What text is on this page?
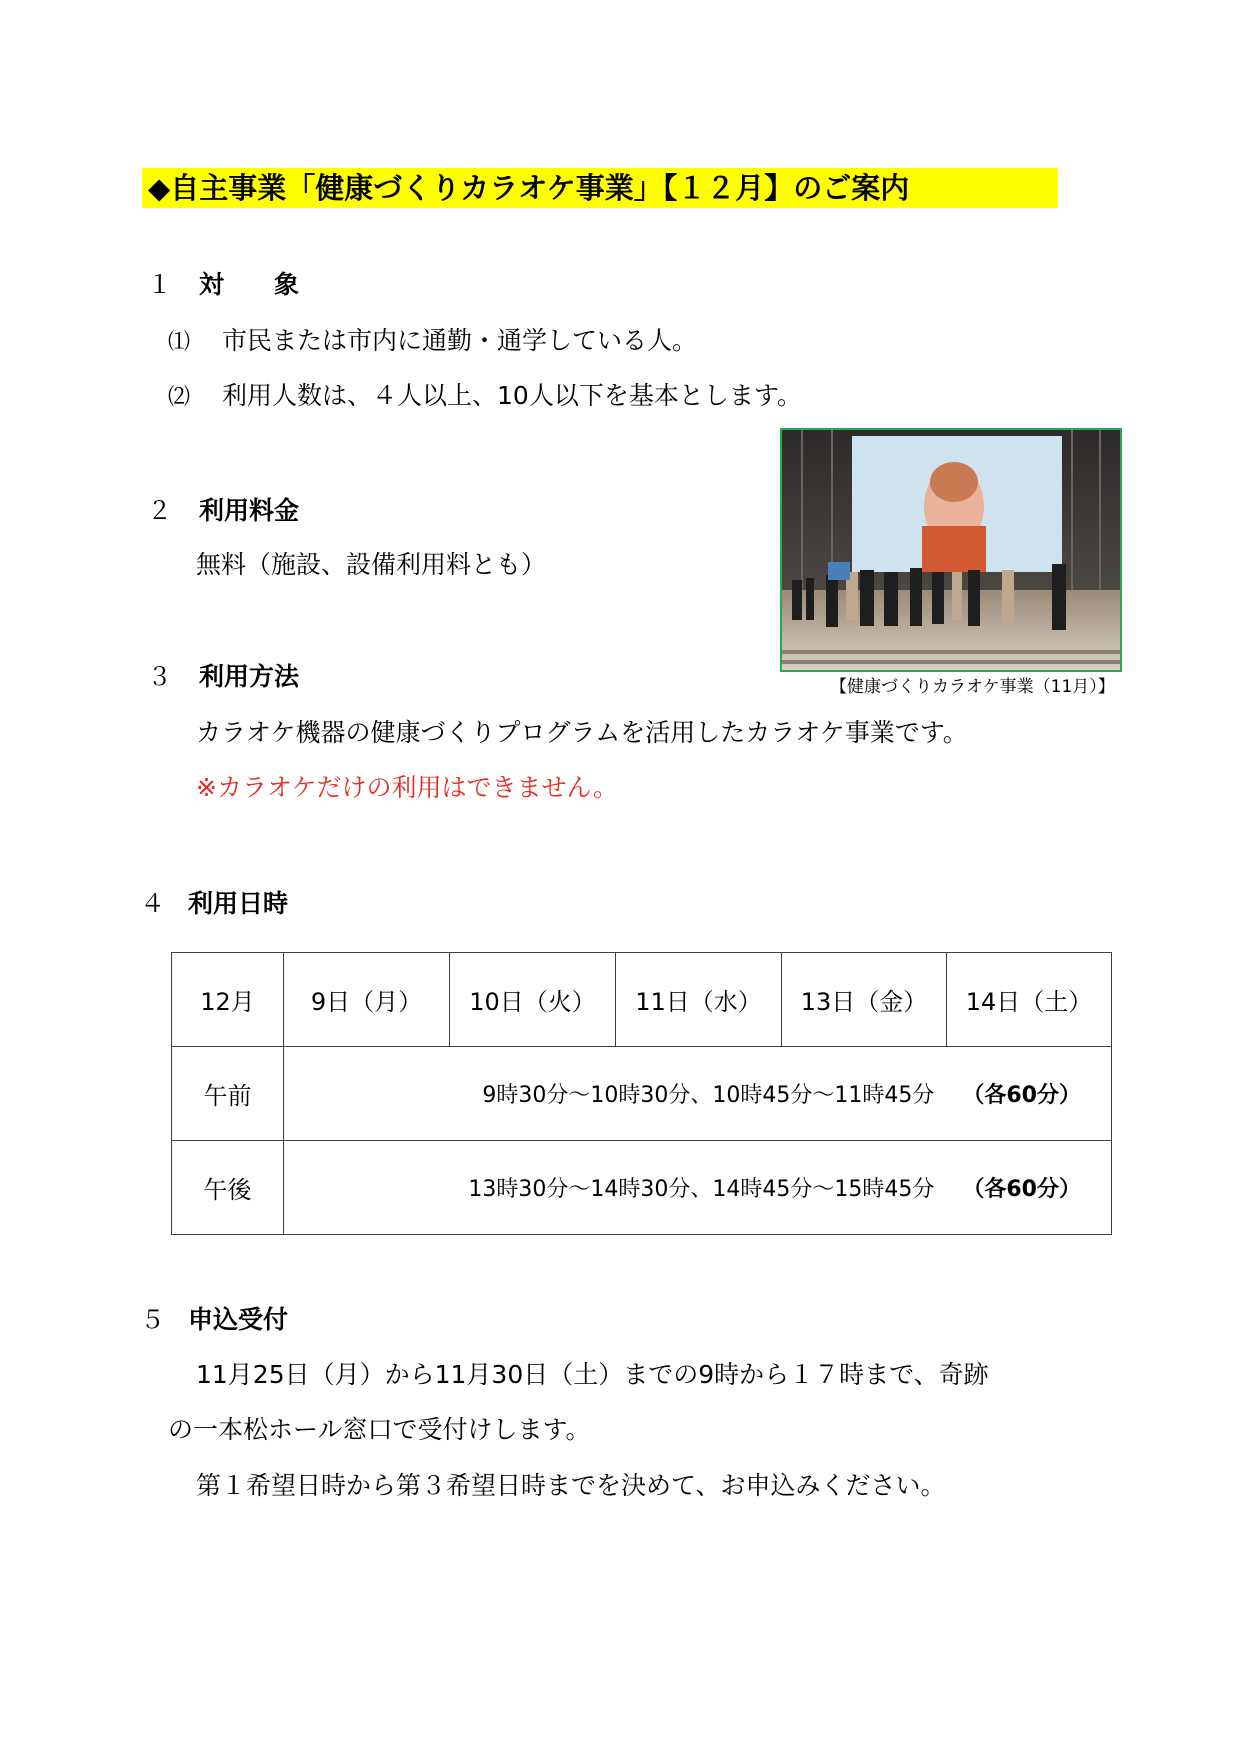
◆自主事業「健康づくりカラオケ事業」【１２月】のご案内
１ 対　　象
⑴ 市民または市内に通勤・通学している人。
⑵ 利用人数は、４人以上、10人以下を基本とします。
２ 利用料金
無料（施設、設備利用料とも）
【健康づくりカラオケ事業（11月）】
３ 利用方法
カラオケ機器の健康づくりプログラムを活用したカラオケ事業です。
※カラオケだけの利用はできません。
４ 利用日時
12月	9日（月）	10日（火）	11日（水）	13日（金）	14日（土）
午前	9時30分～10時30分、10時45分～11時45分 （各60分）				
午後	13時30分～14時30分、14時45分～15時45分 （各60分）				
５ 申込受付
11月25日（月）から11月30日（土）までの9時から１７時まで、奇跡
の一本松ホール窓口で受付けします。
第１希望日時から第３希望日時までを決めて、お申込みください。
